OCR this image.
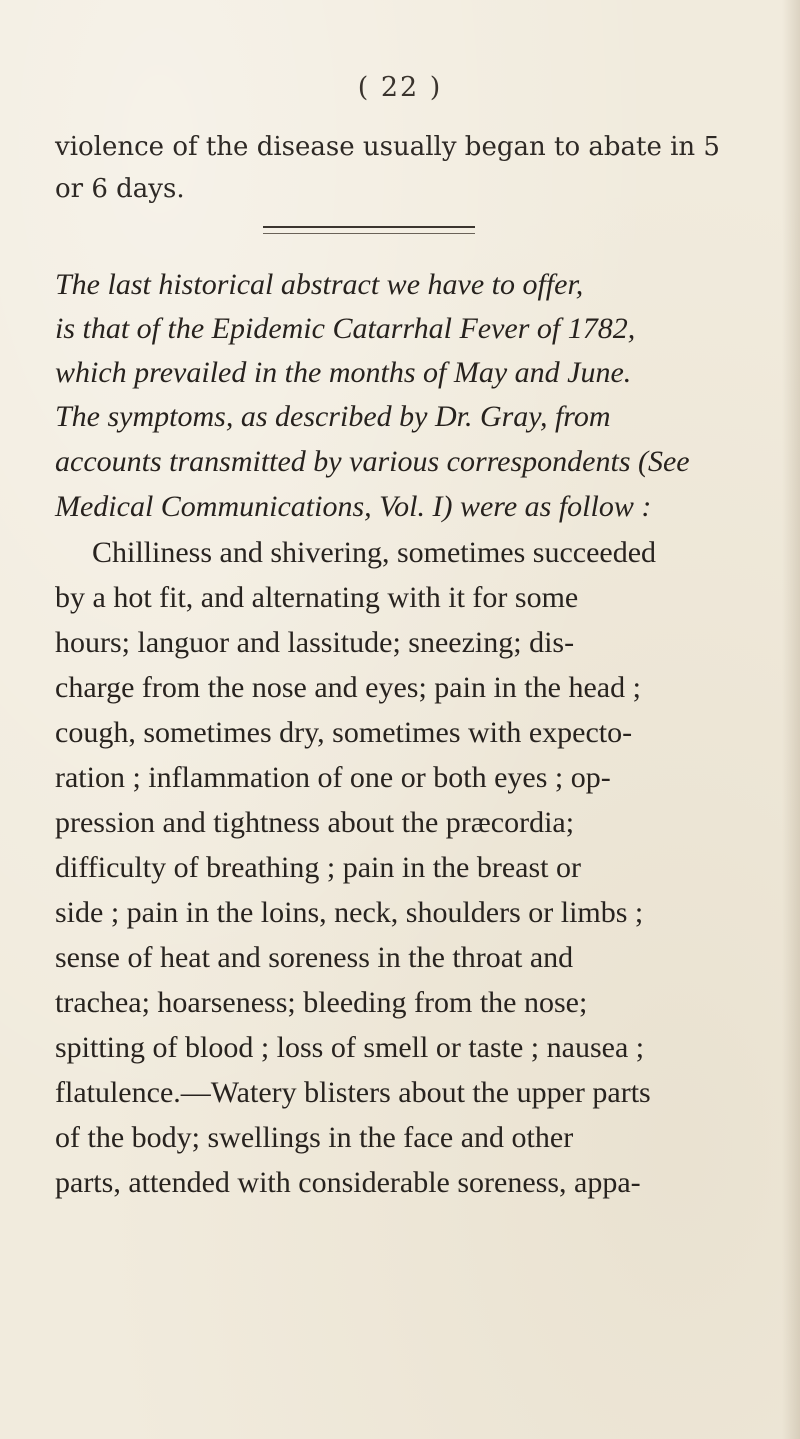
( 22 )
violence of the disease usually began to abate in 5
or 6 days.
The last historical abstract we have to offer,
is that of the Epidemic Catarrhal Fever of 1782,
which prevailed in the months of May and June.
The symptoms, as described by Dr. Gray, from
accounts transmitted by various correspondents (See
Medical Communications, Vol. I) were as follow :
Chilliness and shivering, sometimes succeeded
by a hot fit, and alternating with it for some
hours; languor and lassitude; sneezing; dis-
charge from the nose and eyes; pain in the head ;
cough, sometimes dry, sometimes with expecto-
ration ; inflammation of one or both eyes ; op-
pression and tightness about the præcordia;
difficulty of breathing ; pain in the breast or
side ; pain in the loins, neck, shoulders or limbs ;
sense of heat and soreness in the throat and
trachea; hoarseness; bleeding from the nose;
spitting of blood ; loss of smell or taste ; nausea ;
flatulence.—Watery blisters about the upper parts
of the body; swellings in the face and other
parts, attended with considerable soreness, appa-
